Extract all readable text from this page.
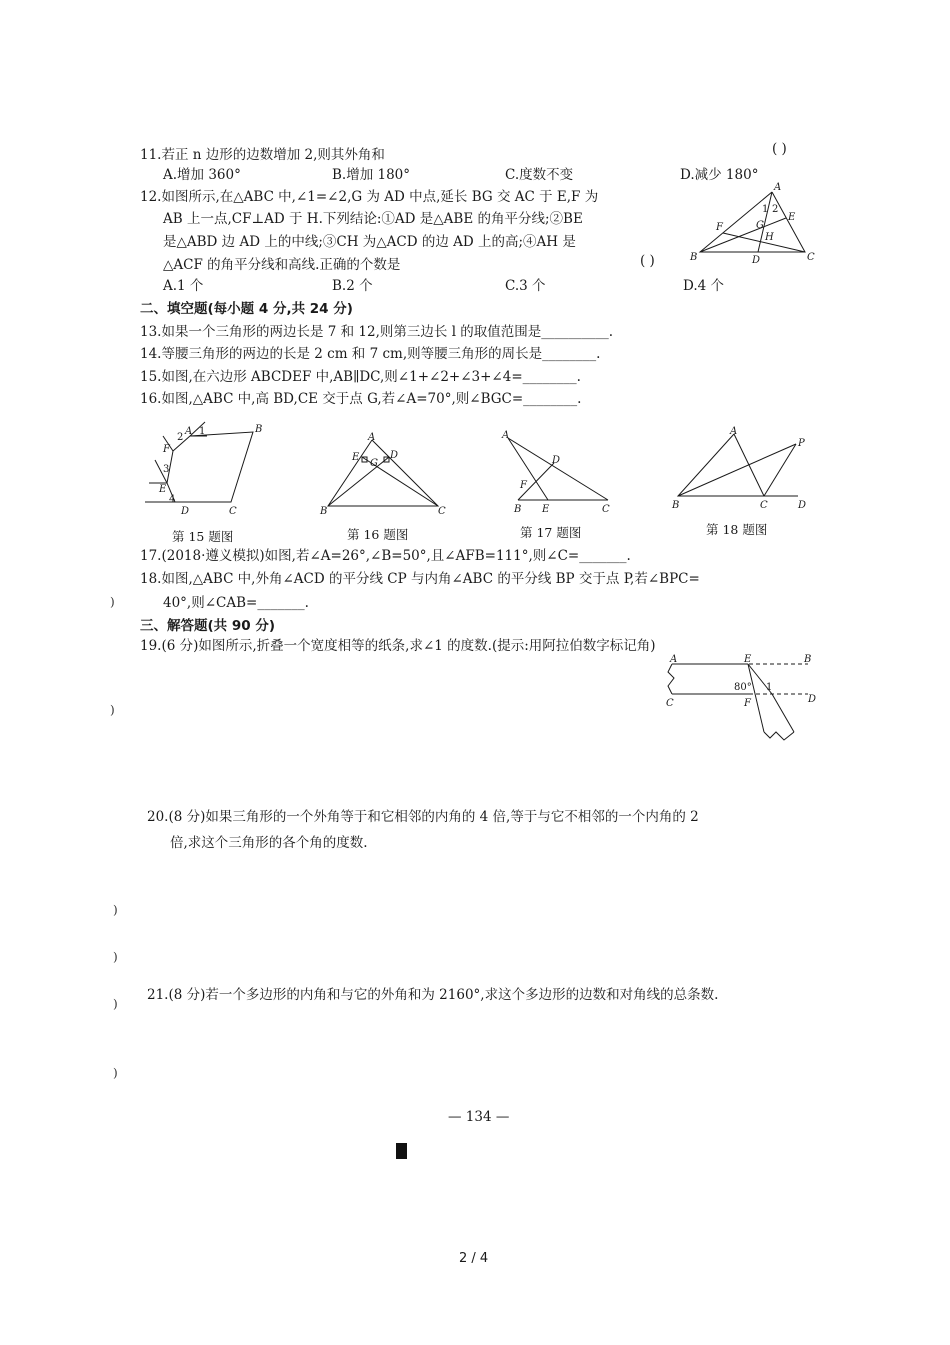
11.若正 n 边形的边数增加 2,则其外角和	( )
A.增加 360°	B.增加 180°	C.度数不变	D.减少 180°
12.如图所示,在△ABC 中,∠1=∠2,G 为 AD 中点,延长 BG 交 AC 于 E,F 为
AB 上一点,CF⊥AD 于 H.下列结论:①AD 是△ABE 的角平分线;②BE
是△ABD 边 AD 上的中线;③CH 为△ACD 的边 AD 上的高;④AH 是
△ACF 的角平分线和高线.正确的个数是	( )
A.1 个	B.2 个	C.3 个	D.4 个
A
B	C
D
E
F	G
H
1 2
二、填空题(每小题 4 分,共 24 分)
13.如果一个三角形的两边长是 7 和 12,则第三边长 l 的取值范围是__________.
14.等腰三角形的两边的长是 2 cm 和 7 cm,则等腰三角形的周长是________.
15.如图,在六边形 ABCDEF 中,AB∥DC,则∠1+∠2+∠3+∠4=________.
16.如图,△ABC 中,高 BD,CE 交于点 G,若∠A=70°,则∠BGC=________.
A	B
C
D
E
F
1
2
3
4
第 15 题图
A
B	C
D
E
G
第 16 题图
A
B	C
D
E
F
第 17 题图
A
B	C	D
P
第 18 题图
17.(2018·遵义模拟)如图,若∠A=26°,∠B=50°,且∠AFB=111°,则∠C=_______.
18.如图,△ABC 中,外角∠ACD 的平分线 CP 与内角∠ABC 的平分线 BP 交于点 P,若∠BPC=
40°,则∠CAB=_______.
三、解答题(共 90 分)
19.(6 分)如图所示,折叠一个宽度相等的纸条,求∠1 的度数.(提示:用阿拉伯数字标记角)
A	B
C	D
E
F
80° 1
20.(8 分)如果三角形的一个外角等于和它相邻的内角的 4 倍,等于与它不相邻的一个内角的 2
倍,求这个三角形的各个角的度数.
21.(8 分)若一个多边形的内角和与它的外角和为 2160°,求这个多边形的边数和对角线的总条数.
)
)
)
)
)
)
— 134 —
2 / 4
